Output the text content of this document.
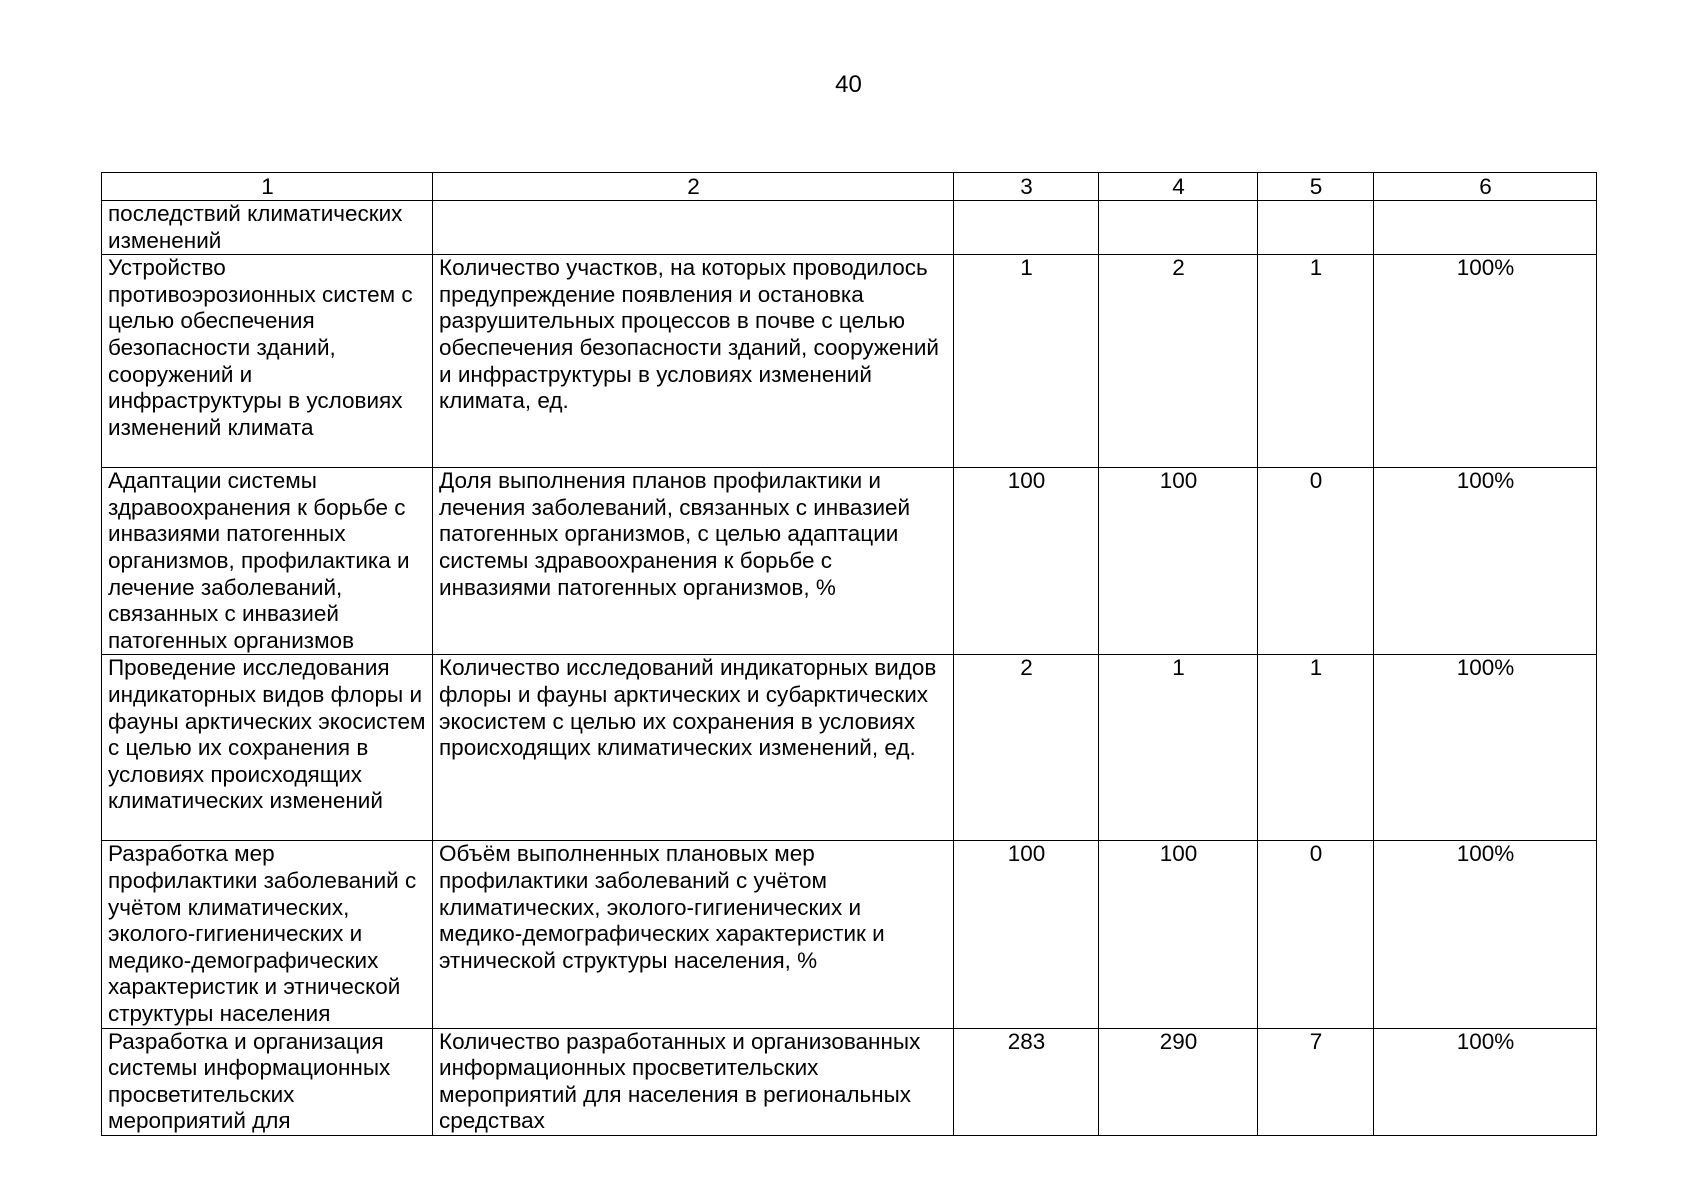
40
1	2	3	4	5	6
последствий климатических изменений					
Устройство противоэрозионных систем с целью обеспечения безопасности зданий, сооружений и инфраструктуры в условиях изменений климата	Количество участков, на которых проводилось предупреждение появления и остановка разрушительных процессов в почве с целью обеспечения безопасности зданий, сооружений и инфраструктуры в условиях изменений климата, ед.	1	2	1	100%
Адаптации системы здравоохранения к борьбе с инвазиями патогенных организмов, профилактика и лечение заболеваний, связанных с инвазией патогенных организмов	Доля выполнения планов профилактики и лечения заболеваний, связанных с инвазией патогенных организмов, с целью адаптации системы здравоохранения к борьбе с инвазиями патогенных организмов, %	100	100	0	100%
Проведение исследования индикаторных видов флоры и фауны арктических экосистем с целью их сохранения в условиях происходящих климатических изменений	Количество исследований индикаторных видов флоры и фауны арктических и субарктических экосистем с целью их сохранения в условиях происходящих климатических изменений, ед.	2	1	1	100%
Разработка мер профилактики заболеваний с учётом климатических, эколого-гигиенических и медико-демографических характеристик и этнической структуры населения	Объём выполненных плановых мер профилактики заболеваний с учётом климатических, эколого-гигиенических и медико-демографических характеристик и этнической структуры населения, %	100	100	0	100%
Разработка и организация системы информационных просветительских мероприятий для	Количество разработанных и организованных информационных просветительских мероприятий для населения в региональных средствах	283	290	7	100%
